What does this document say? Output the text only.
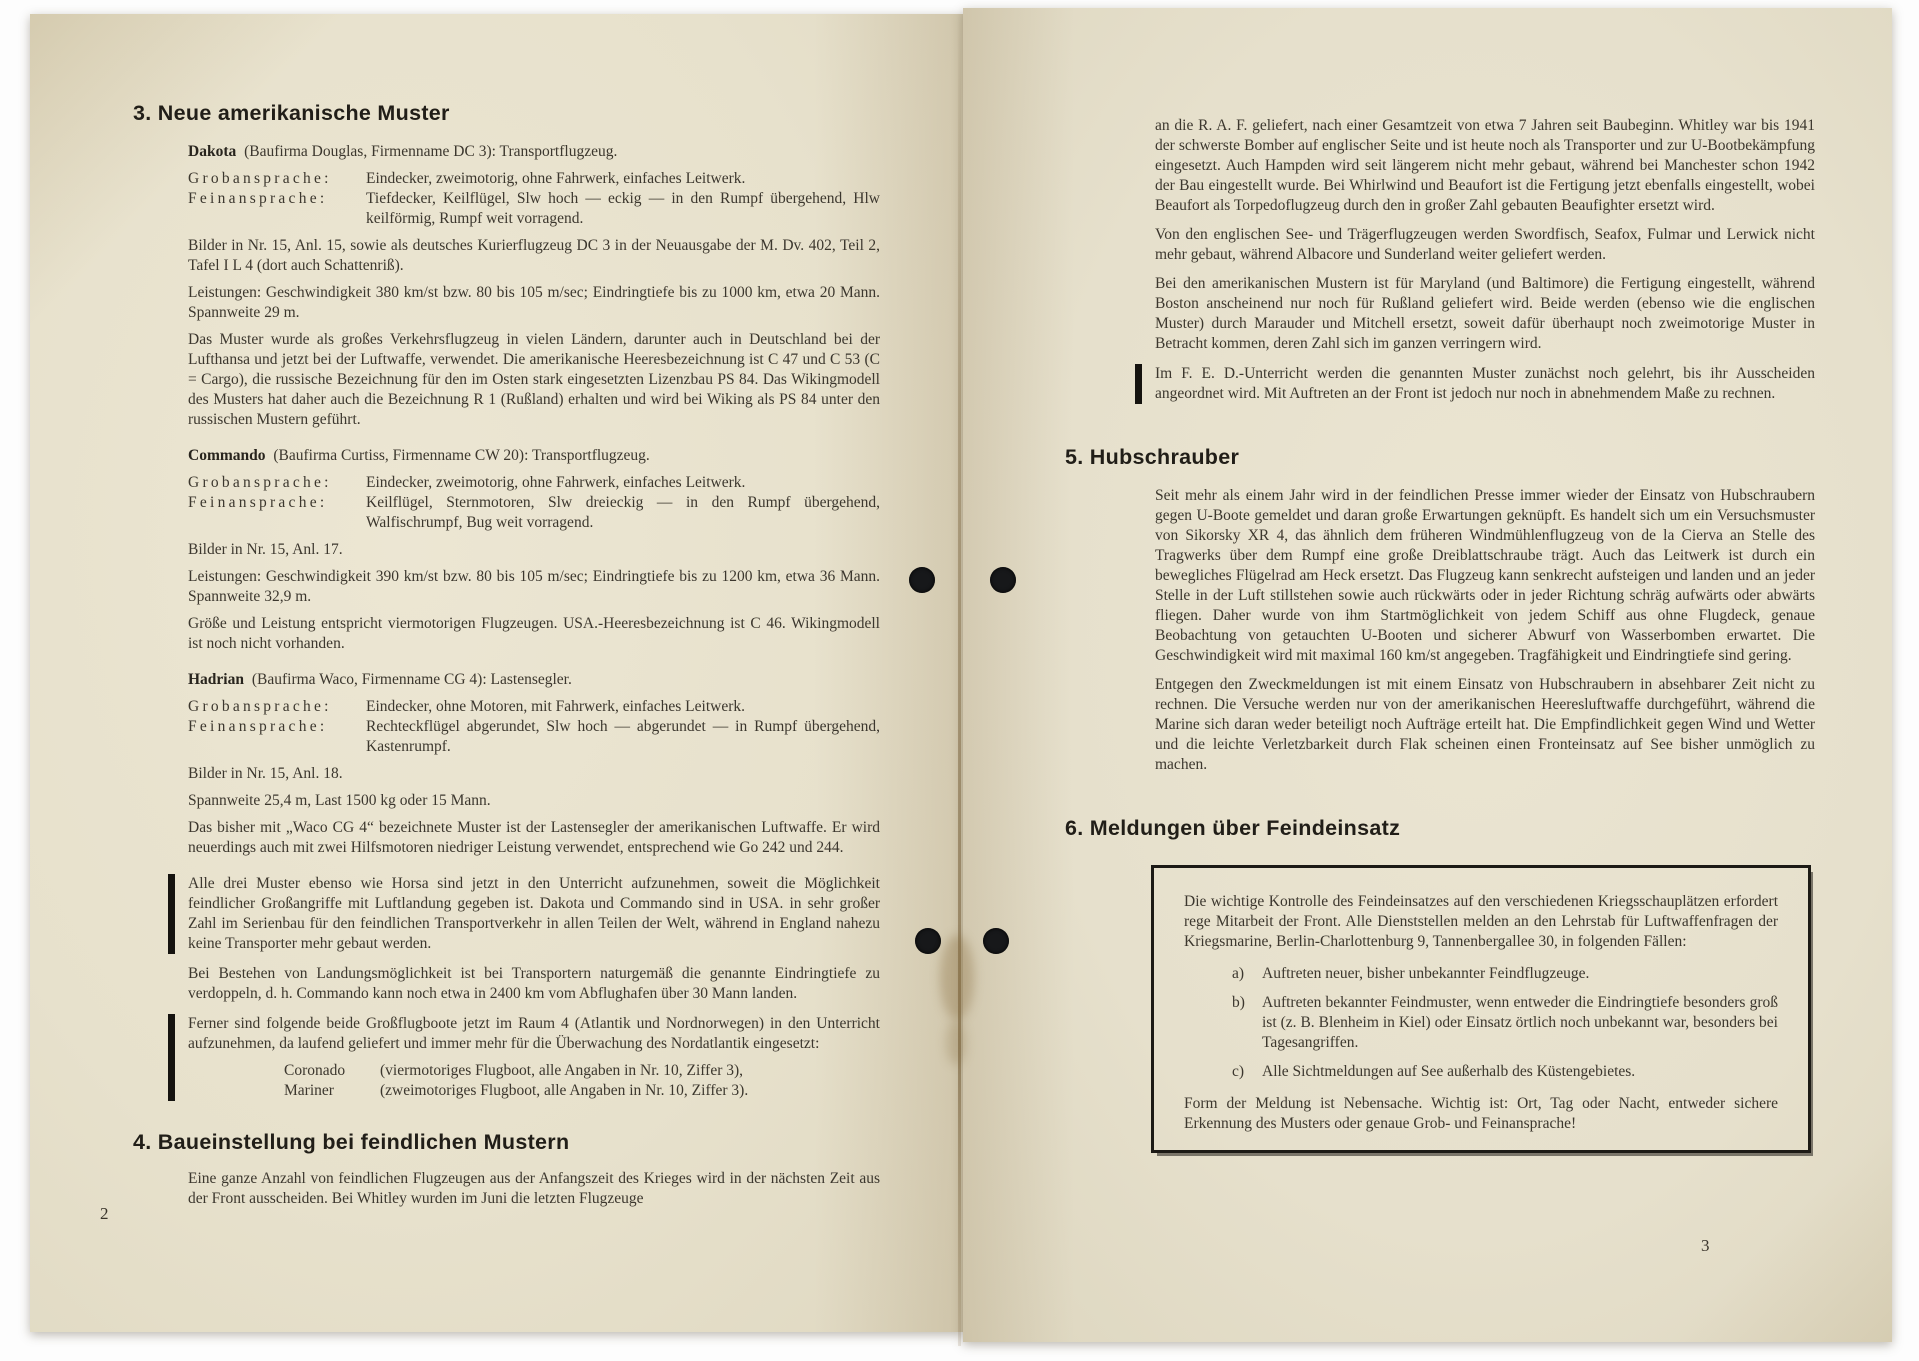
3. Neue amerikanische Muster

Dakota (Baufirma Douglas, Firmenname DC 3): Transportflugzeug.

Grobansprache:	Eindecker, zweimotorig, ohne Fahrwerk, einfaches Leitwerk.
Feinansprache:	Tiefdecker, Keilflügel, Slw hoch — eckig — in den Rumpf übergehend, Hlw keilförmig, Rumpf weit vorragend.

Bilder in Nr. 15, Anl. 15, sowie als deutsches Kurierflugzeug DC 3 in der Neuausgabe der M. Dv. 402, Teil 2, Tafel I L 4 (dort auch Schattenriß).

Leistungen: Geschwindigkeit 380 km/st bzw. 80 bis 105 m/sec; Eindringtiefe bis zu 1000 km, etwa 20 Mann. Spannweite 29 m.

Das Muster wurde als großes Verkehrsflugzeug in vielen Ländern, darunter auch in Deutschland bei der Lufthansa und jetzt bei der Luftwaffe, verwendet. Die amerikanische Heeresbezeichnung ist C 47 und C 53 (C = Cargo), die russische Bezeichnung für den im Osten stark eingesetzten Lizenzbau PS 84. Das Wikingmodell des Musters hat daher auch die Bezeichnung R 1 (Rußland) erhalten und wird bei Wiking als PS 84 unter den russischen Mustern geführt.

Commando (Baufirma Curtiss, Firmenname CW 20): Transportflugzeug.

Grobansprache:	Eindecker, zweimotorig, ohne Fahrwerk, einfaches Leitwerk.
Feinansprache:	Keilflügel, Sternmotoren, Slw dreieckig — in den Rumpf übergehend, Walfischrumpf, Bug weit vorragend.

Bilder in Nr. 15, Anl. 17.

Leistungen: Geschwindigkeit 390 km/st bzw. 80 bis 105 m/sec; Eindringtiefe bis zu 1200 km, etwa 36 Mann. Spannweite 32,9 m.

Größe und Leistung entspricht viermotorigen Flugzeugen. USA.-Heeresbezeichnung ist C 46. Wikingmodell ist noch nicht vorhanden.

Hadrian (Baufirma Waco, Firmenname CG 4): Lastensegler.

Grobansprache:	Eindecker, ohne Motoren, mit Fahrwerk, einfaches Leitwerk.
Feinansprache:	Rechteckflügel abgerundet, Slw hoch — abgerundet — in Rumpf übergehend, Kastenrumpf.

Bilder in Nr. 15, Anl. 18.

Spannweite 25,4 m, Last 1500 kg oder 15 Mann.

Das bisher mit „Waco CG 4“ bezeichnete Muster ist der Lastensegler der amerikanischen Luftwaffe. Er wird neuerdings auch mit zwei Hilfsmotoren niedriger Leistung verwendet, entsprechend wie Go 242 und 244.

Alle drei Muster ebenso wie Horsa sind jetzt in den Unterricht aufzunehmen, soweit die Möglichkeit feindlicher Großangriffe mit Luftlandung gegeben ist. Dakota und Commando sind in USA. in sehr großer Zahl im Serienbau für den feindlichen Transportverkehr in allen Teilen der Welt, während in England nahezu keine Transporter mehr gebaut werden.

Bei Bestehen von Landungsmöglichkeit ist bei Transportern naturgemäß die genannte Eindringtiefe zu verdoppeln, d. h. Commando kann noch etwa in 2400 km vom Abflughafen über 30 Mann landen.

Ferner sind folgende beide Großflugboote jetzt im Raum 4 (Atlantik und Nordnorwegen) in den Unterricht aufzunehmen, da laufend geliefert und immer mehr für die Überwachung des Nordatlantik eingesetzt:

Coronado	(viermotoriges Flugboot, alle Angaben in Nr. 10, Ziffer 3),
Mariner	(zweimotoriges Flugboot, alle Angaben in Nr. 10, Ziffer 3).
4. Baueinstellung bei feindlichen Mustern

Eine ganze Anzahl von feindlichen Flugzeugen aus der Anfangszeit des Krieges wird in der nächsten Zeit aus der Front ausscheiden. Bei Whitley wurden im Juni die letzten Flugzeuge

2

an die R. A. F. geliefert, nach einer Gesamtzeit von etwa 7 Jahren seit Baubeginn. Whitley war bis 1941 der schwerste Bomber auf englischer Seite und ist heute noch als Transporter und zur U-Bootbekämpfung eingesetzt. Auch Hampden wird seit längerem nicht mehr gebaut, während bei Manchester schon 1942 der Bau eingestellt wurde. Bei Whirlwind und Beaufort ist die Fertigung jetzt ebenfalls eingestellt, wobei Beaufort als Torpedoflugzeug durch den in großer Zahl gebauten Beaufighter ersetzt wird.

Von den englischen See- und Trägerflugzeugen werden Swordfisch, Seafox, Fulmar und Lerwick nicht mehr gebaut, während Albacore und Sunderland weiter geliefert werden.

Bei den amerikanischen Mustern ist für Maryland (und Baltimore) die Fertigung eingestellt, während Boston anscheinend nur noch für Rußland geliefert wird. Beide werden (ebenso wie die englischen Muster) durch Marauder und Mitchell ersetzt, soweit dafür überhaupt noch zweimotorige Muster in Betracht kommen, deren Zahl sich im ganzen verringern wird.

Im F. E. D.-Unterricht werden die genannten Muster zunächst noch gelehrt, bis ihr Ausscheiden angeordnet wird. Mit Auftreten an der Front ist jedoch nur noch in abnehmendem Maße zu rechnen.

5. Hubschrauber

Seit mehr als einem Jahr wird in der feindlichen Presse immer wieder der Einsatz von Hubschraubern gegen U-Boote gemeldet und daran große Erwartungen geknüpft. Es handelt sich um ein Versuchsmuster von Sikorsky XR 4, das ähnlich dem früheren Windmühlenflugzeug von de la Cierva an Stelle des Tragwerks über dem Rumpf eine große Dreiblattschraube trägt. Auch das Leitwerk ist durch ein bewegliches Flügelrad am Heck ersetzt. Das Flugzeug kann senkrecht aufsteigen und landen und an jeder Stelle in der Luft stillstehen sowie auch rückwärts oder in jeder Richtung schräg aufwärts oder abwärts fliegen. Daher wurde von ihm Startmöglichkeit von jedem Schiff aus ohne Flugdeck, genaue Beobachtung von getauchten U-Booten und sicherer Abwurf von Wasserbomben erwartet. Die Geschwindigkeit wird mit maximal 160 km/st angegeben. Tragfähigkeit und Eindringtiefe sind gering.

Entgegen den Zweckmeldungen ist mit einem Einsatz von Hubschraubern in absehbarer Zeit nicht zu rechnen. Die Versuche werden nur von der amerikanischen Heeresluftwaffe durchgeführt, während die Marine sich daran weder beteiligt noch Aufträge erteilt hat. Die Empfindlichkeit gegen Wind und Wetter und die leichte Verletzbarkeit durch Flak scheinen einen Fronteinsatz auf See bisher unmöglich zu machen.

6. Meldungen über Feindeinsatz

Die wichtige Kontrolle des Feindeinsatzes auf den verschiedenen Kriegsschauplätzen erfordert rege Mitarbeit der Front. Alle Dienststellen melden an den Lehrstab für Luftwaffenfragen der Kriegsmarine, Berlin-Charlottenburg 9, Tannenbergallee 30, in folgenden Fällen:

a)	Auftreten neuer, bisher unbekannter Feindflugzeuge.
b)	Auftreten bekannter Feindmuster, wenn entweder die Eindringtiefe besonders groß ist (z. B. Blenheim in Kiel) oder Einsatz örtlich noch unbekannt war, besonders bei Tagesangriffen.
c)	Alle Sichtmeldungen auf See außerhalb des Küstengebietes.

Form der Meldung ist Nebensache. Wichtig ist: Ort, Tag oder Nacht, entweder sichere Erkennung des Musters oder genaue Grob- und Feinansprache!

3
